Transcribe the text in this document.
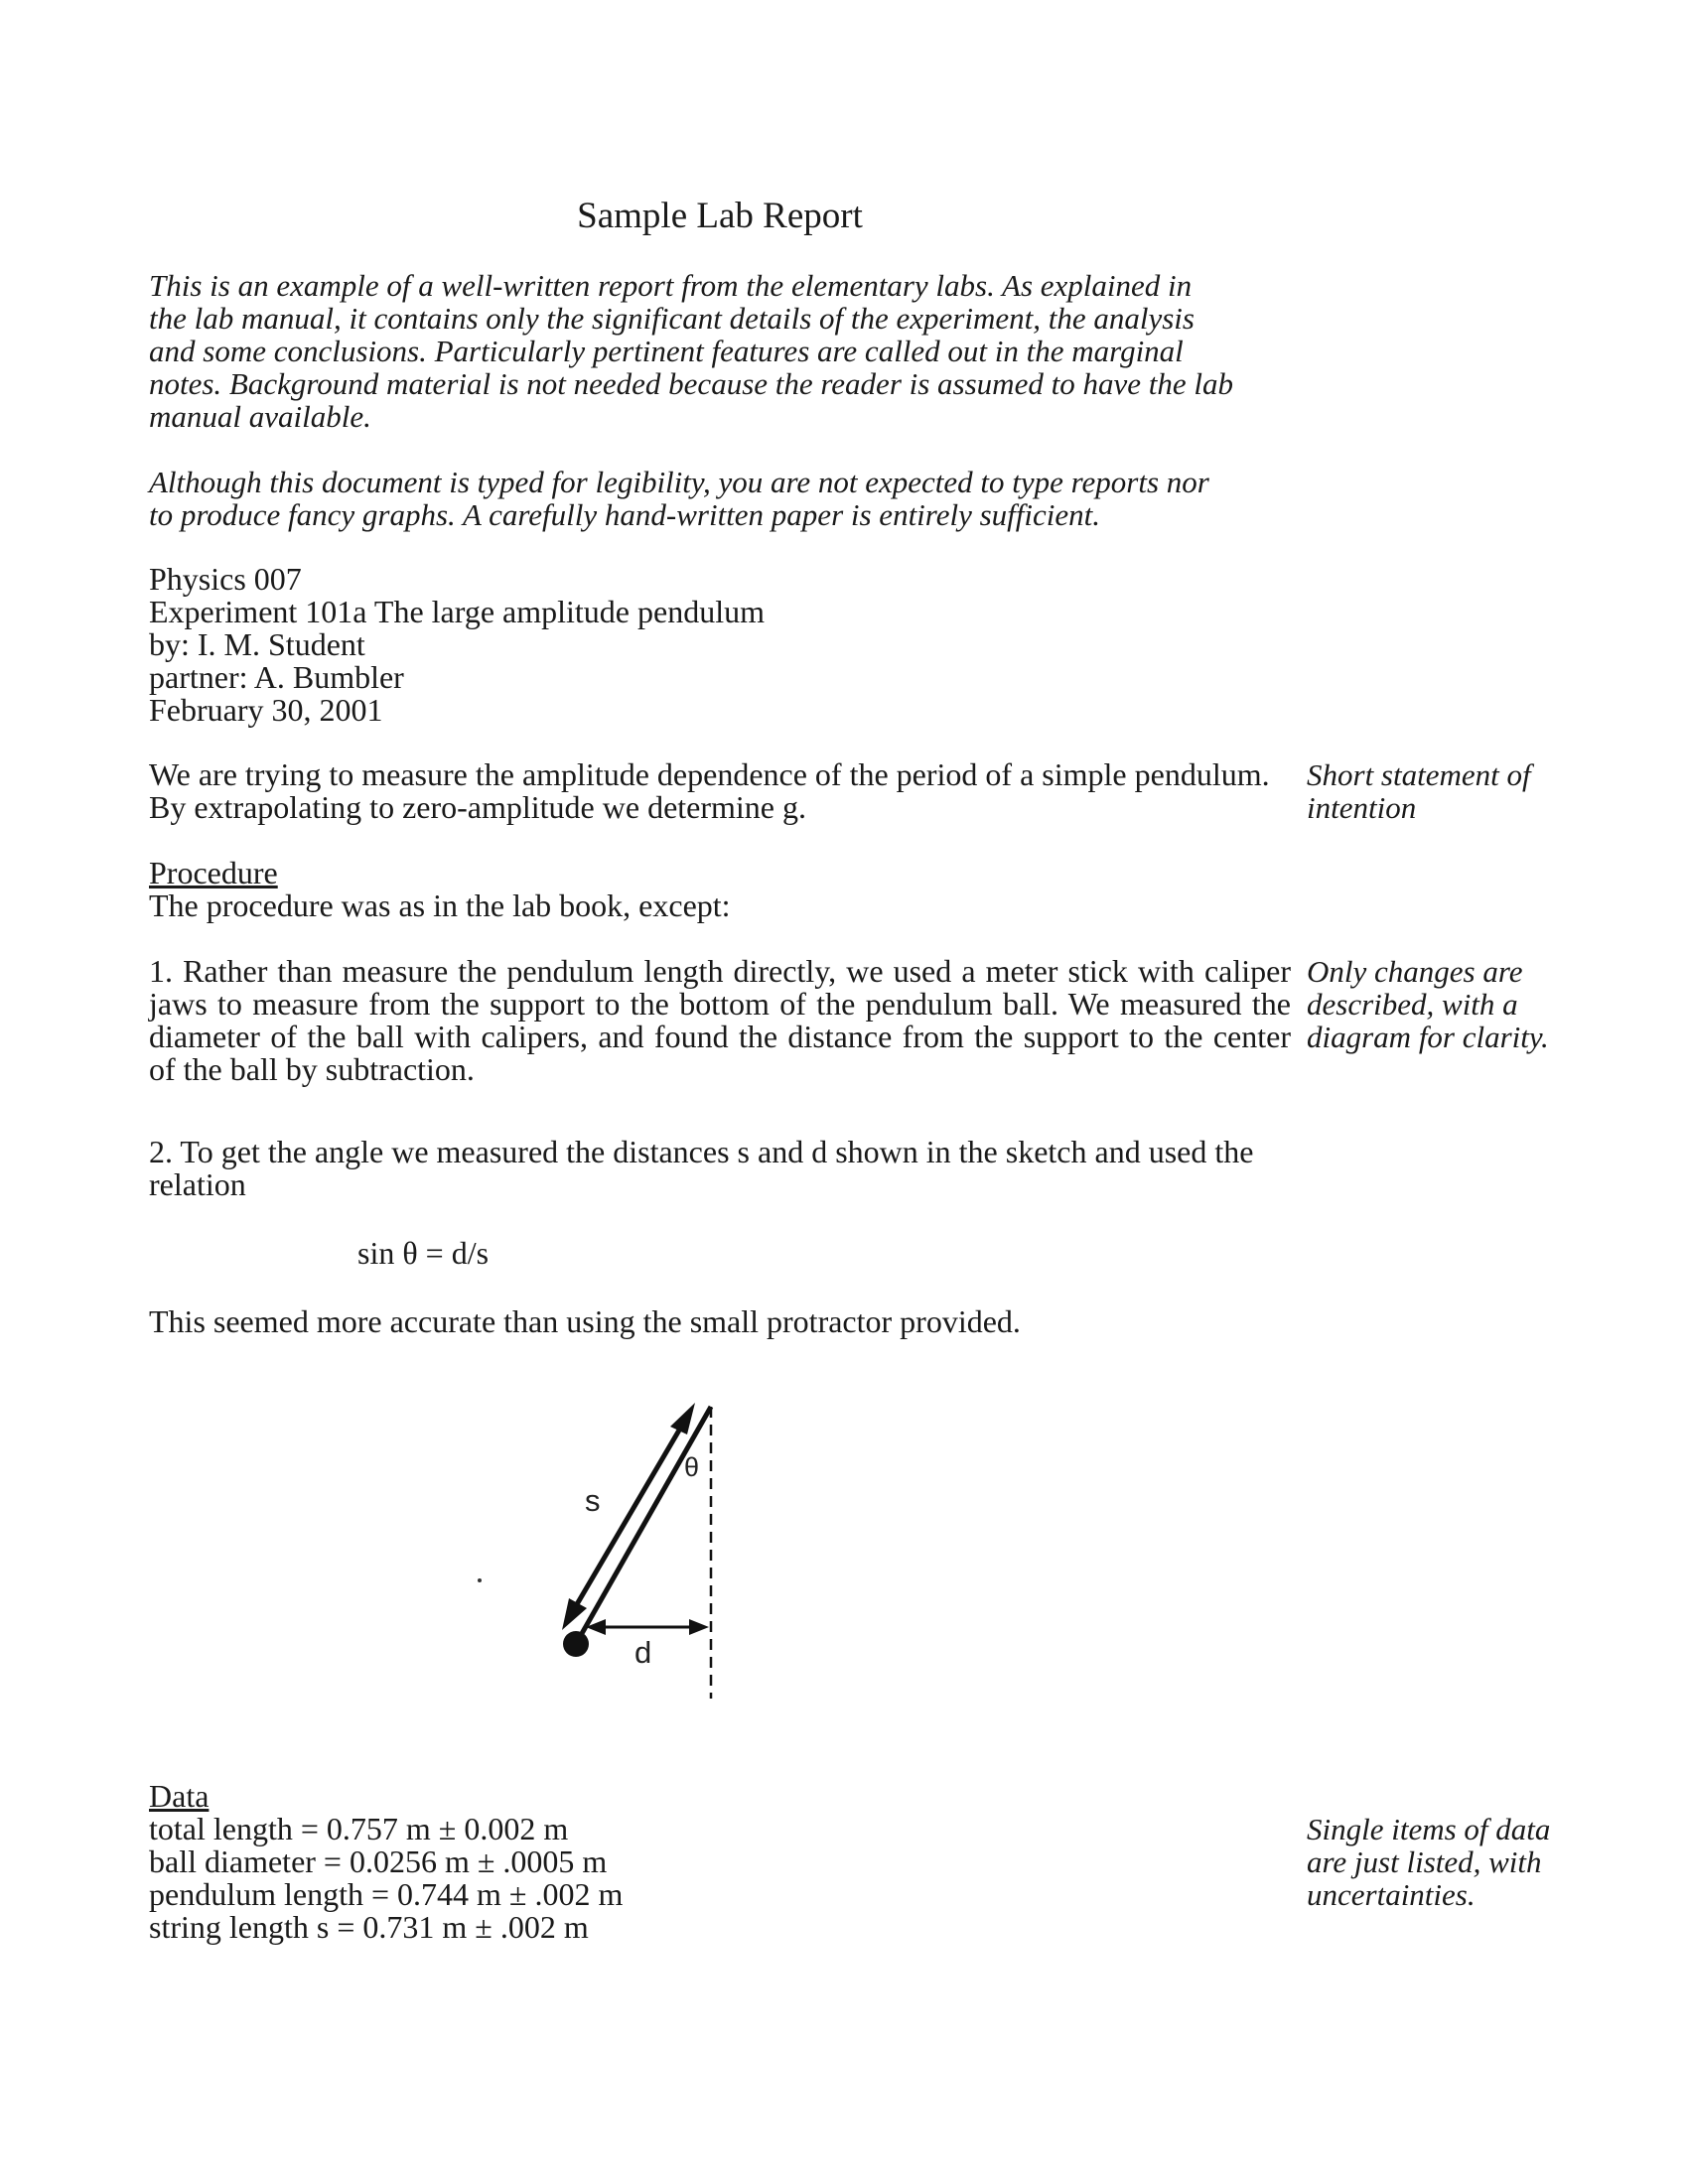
Sample Lab Report
This is an example of a well-written report from the elementary labs. As explained in
the lab manual, it contains only the significant details of the experiment, the analysis
and some conclusions. Particularly pertinent features are called out in the marginal
notes. Background material is not needed because the reader is assumed to have the lab
manual available.
Although this document is typed for legibility, you are not expected to type reports nor
to produce fancy graphs. A carefully hand-written paper is entirely sufficient.
Physics 007
Experiment 101a The large amplitude pendulum
by: I. M. Student
partner: A. Bumbler
February 30, 2001
We are trying to measure the amplitude dependence of the period of a simple pendulum.
By extrapolating to zero-amplitude we determine g.
Short statement of
intention
Procedure
The procedure was as in the lab book, except:
1. Rather than measure the pendulum length directly, we used a meter stick with caliper
jaws to measure from the support to the bottom of the pendulum ball. We measured the
diameter of the ball with calipers, and found the distance from the support to the center
of the ball by subtraction.
Only changes are
described, with a
diagram for clarity.
2. To get the angle we measured the distances s and d shown in the sketch and used the
relation
sin θ = d/s
This seemed more accurate than using the small protractor provided.
s
θ
d
Data
total length = 0.757 m ± 0.002 m
ball diameter = 0.0256 m ± .0005 m
pendulum length = 0.744 m ± .002 m
string length s = 0.731 m ± .002 m
Single items of data
are just listed, with
uncertainties.
